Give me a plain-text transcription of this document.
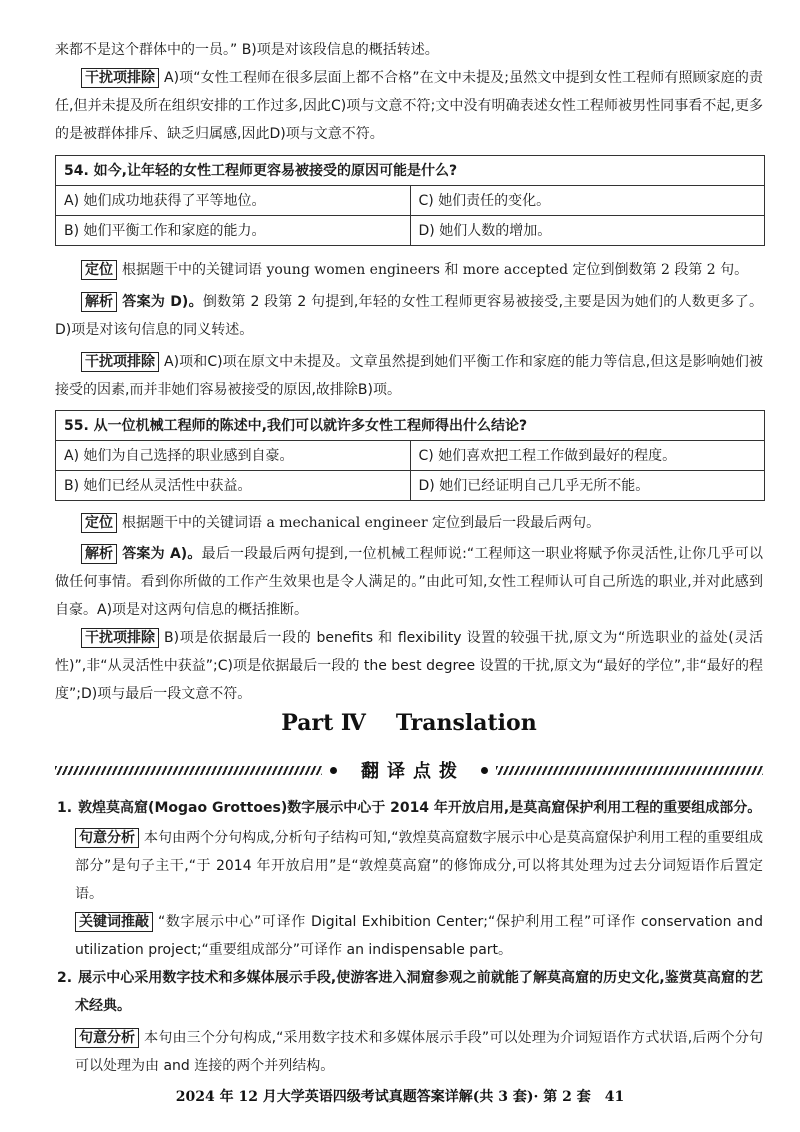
来都不是这个群体中的一员。” B)项是对该段信息的概括转述。

干扰项排除 A)项“女性工程师在很多层面上都不合格”在文中未提及;虽然文中提到女性工程师有照顾家庭的责任,但并未提及所在组织安排的工作过多,因此C)项与文意不符;文中没有明确表述女性工程师被男性同事看不起,更多的是被群体排斥、缺乏归属感,因此D)项与文意不符。

54. 如今,让年轻的女性工程师更容易被接受的原因可能是什么?	
A) 她们成功地获得了平等地位。	C) 她们责任的变化。
B) 她们平衡工作和家庭的能力。	D) 她们人数的增加。

定位 根据题干中的关键词语 young women engineers 和 more accepted 定位到倒数第 2 段第 2 句。

解析 答案为 D)。倒数第 2 段第 2 句提到,年轻的女性工程师更容易被接受,主要是因为她们的人数更多了。D)项是对该句信息的同义转述。

干扰项排除 A)项和C)项在原文中未提及。文章虽然提到她们平衡工作和家庭的能力等信息,但这是影响她们被接受的因素,而并非她们容易被接受的原因,故排除B)项。

55. 从一位机械工程师的陈述中,我们可以就许多女性工程师得出什么结论?	
A) 她们为自己选择的职业感到自豪。	C) 她们喜欢把工程工作做到最好的程度。
B) 她们已经从灵活性中获益。	D) 她们已经证明自己几乎无所不能。

定位 根据题干中的关键词语 a mechanical engineer 定位到最后一段最后两句。

解析 答案为 A)。最后一段最后两句提到,一位机械工程师说:“工程师这一职业将赋予你灵活性,让你几乎可以做任何事情。看到你所做的工作产生效果也是令人满足的。”由此可知,女性工程师认可自己所选的职业,并对此感到自豪。A)项是对这两句信息的概括推断。

干扰项排除 B)项是依据最后一段的 benefits 和 flexibility 设置的较强干扰,原文为“所选职业的益处(灵活性)”,非“从灵活性中获益”;C)项是依据最后一段的 the best degree 设置的干扰,原文为“最好的学位”,非“最好的程度”;D)项与最后一段文意不符。

Part Ⅳ Translation
翻译点拨

1. 敦煌莫高窟(Mogao Grottoes)数字展示中心于 2014 年开放启用,是莫高窟保护利用工程的重要组成部分。

句意分析 本句由两个分句构成,分析句子结构可知,“敦煌莫高窟数字展示中心是莫高窟保护利用工程的重要组成部分”是句子主干,“于 2014 年开放启用”是“敦煌莫高窟”的修饰成分,可以将其处理为过去分词短语作后置定语。

关键词推敲 “数字展示中心”可译作 Digital Exhibition Center;“保护利用工程”可译作 conservation and utilization project;“重要组成部分”可译作 an indispensable part。

2. 展示中心采用数字技术和多媒体展示手段,使游客进入洞窟参观之前就能了解莫高窟的历史文化,鉴赏莫高窟的艺术经典。

句意分析 本句由三个分句构成,“采用数字技术和多媒体展示手段”可以处理为介词短语作方式状语,后两个分句可以处理为由 and 连接的两个并列结构。

2024 年 12 月大学英语四级考试真题答案详解(共 3 套)· 第 2 套 41
